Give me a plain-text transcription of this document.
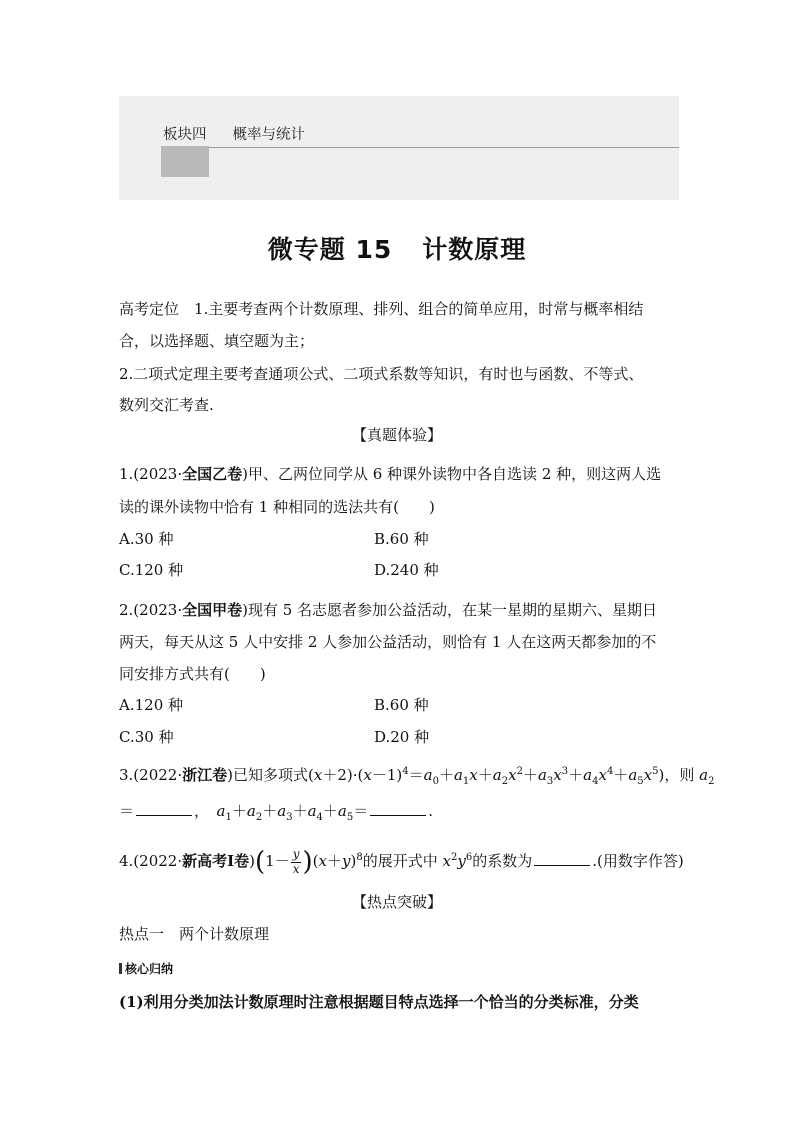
板块四 概率与统计
微专题 15 计数原理
高考定位　1.主要考查两个计数原理、排列、组合的简单应用，时常与概率相结
合，以选择题、填空题为主；
2.二项式定理主要考查通项公式、二项式系数等知识，有时也与函数、不等式、
数列交汇考查.
【真题体验】
1.(2023·全国乙卷)甲、乙两位同学从 6 种课外读物中各自选读 2 种，则这两人选
读的课外读物中恰有 1 种相同的选法共有( )
A.30 种	B.60 种
C.120 种	D.240 种
2.(2023·全国甲卷)现有 5 名志愿者参加公益活动，在某一星期的星期六、星期日
两天，每天从这 5 人中安排 2 人参加公益活动，则恰有 1 人在这两天都参加的不
同安排方式共有( )
A.120 种	B.60 种
C.30 种	D.20 种
3.(2022·浙江卷)已知多项式$(x+2)\cdot(x-1)^4=a_0+a_1x+a_2x^2+a_3x^3+a_4x^4+a_5x^5$)，则 $a_2$
＝	，　 $a_1+a_2+a_3+a_4+a_5=$	.
4.(2022·新高考Ⅰ卷)$(1- \frac{y}{x} )(x+y)^8$的展开式中 $x^2y^6$的系数为	.(用数字作答)
【热点突破】
热点一　两个计数原理
核心归纳
(1)利用分类加法计数原理时注意根据题目特点选择一个恰当的分类标准，分类
